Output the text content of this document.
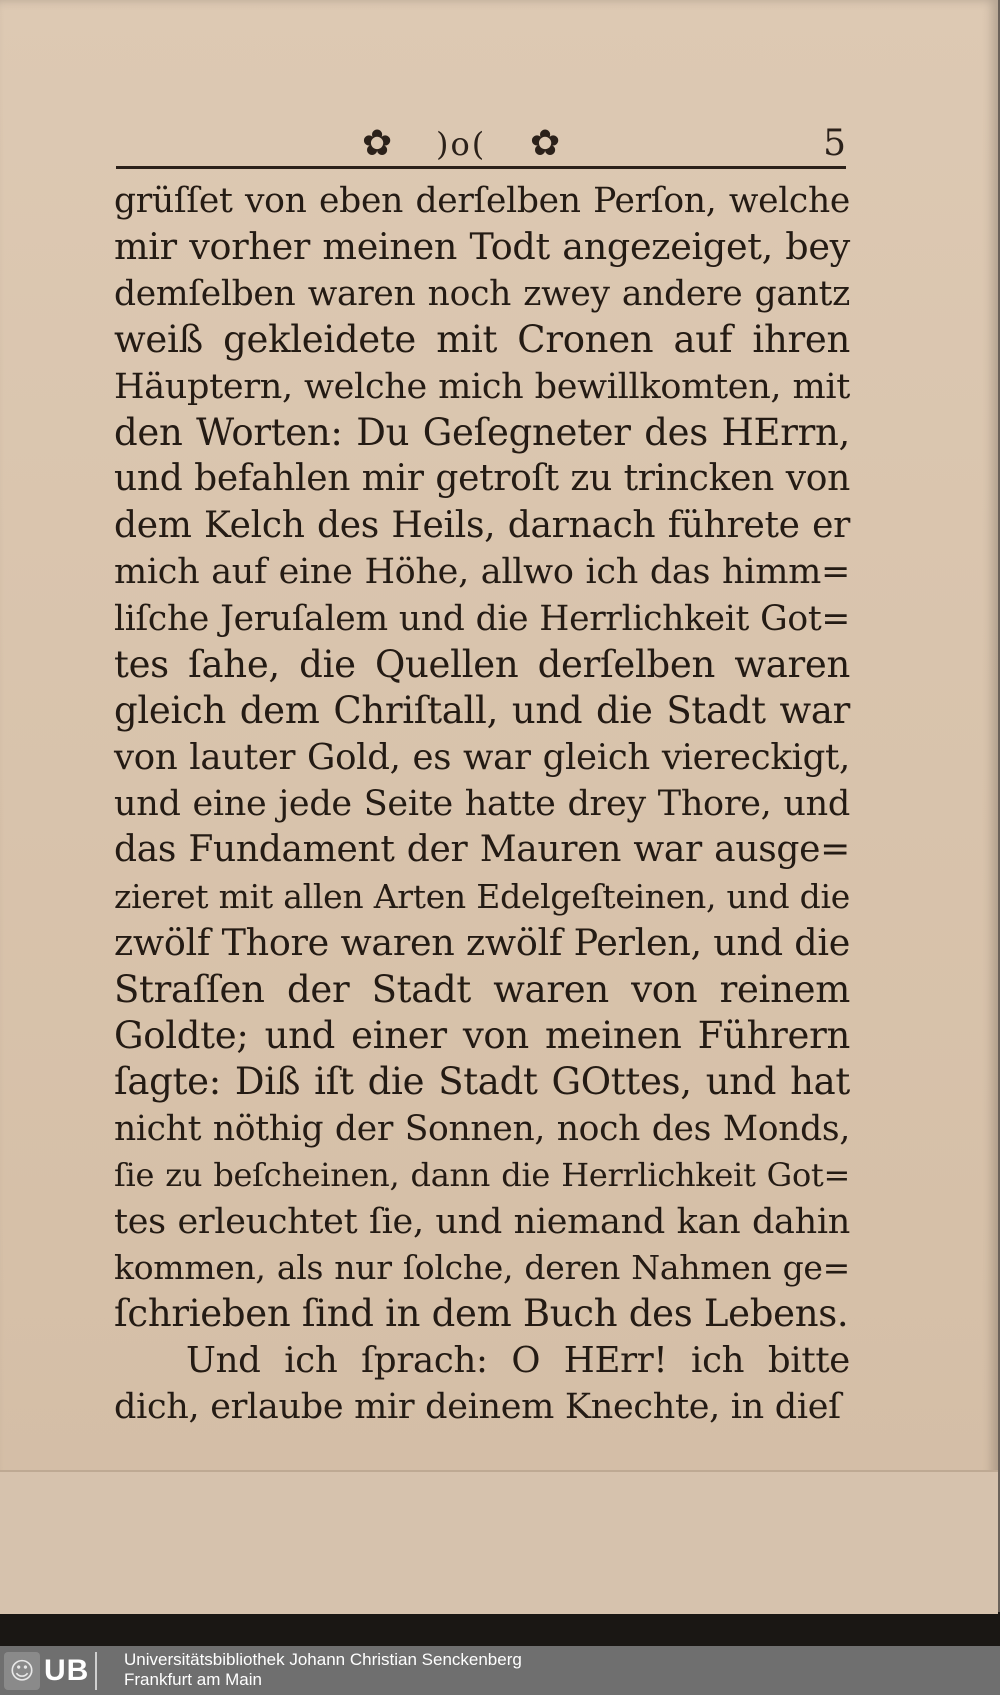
✿ )o( ✿	5
grüſſet von eben derſelben Perſon, welche
mir vorher meinen Todt angezeiget, bey
demſelben waren noch zwey andere gantz
weiß gekleidete mit Cronen auf ihren
Häuptern, welche mich bewillkomten, mit
den Worten: Du Geſegneter des HErrn,
und befahlen mir getroſt zu trincken von
dem Kelch des Heils, darnach führete er
mich auf eine Höhe, allwo ich das himm=
liſche Jeruſalem und die Herrlichkeit Got=
tes ſahe, die Quellen derſelben waren
gleich dem Chriſtall, und die Stadt war
von lauter Gold, es war gleich viereckigt,
und eine jede Seite hatte drey Thore, und
das Fundament der Mauren war ausge=
zieret mit allen Arten Edelgeſteinen, und die
zwölf Thore waren zwölf Perlen, und die
Straſſen der Stadt waren von reinem
Goldte; und einer von meinen Führern
ſagte: Diß iſt die Stadt GOttes, und hat
nicht nöthig der Sonnen, noch des Monds,
ſie zu beſcheinen, dann die Herrlichkeit Got=
tes erleuchtet ſie, und niemand kan dahin
kommen, als nur ſolche, deren Nahmen ge=
ſchrieben ſind in dem Buch des Lebens.
Und ich ſprach: O HErr! ich bitte
dich, erlaube mir deinem Knechte, in dieſ
☺ UB Universitätsbibliothek Johann Christian Senckenberg
Frankfurt am Main
